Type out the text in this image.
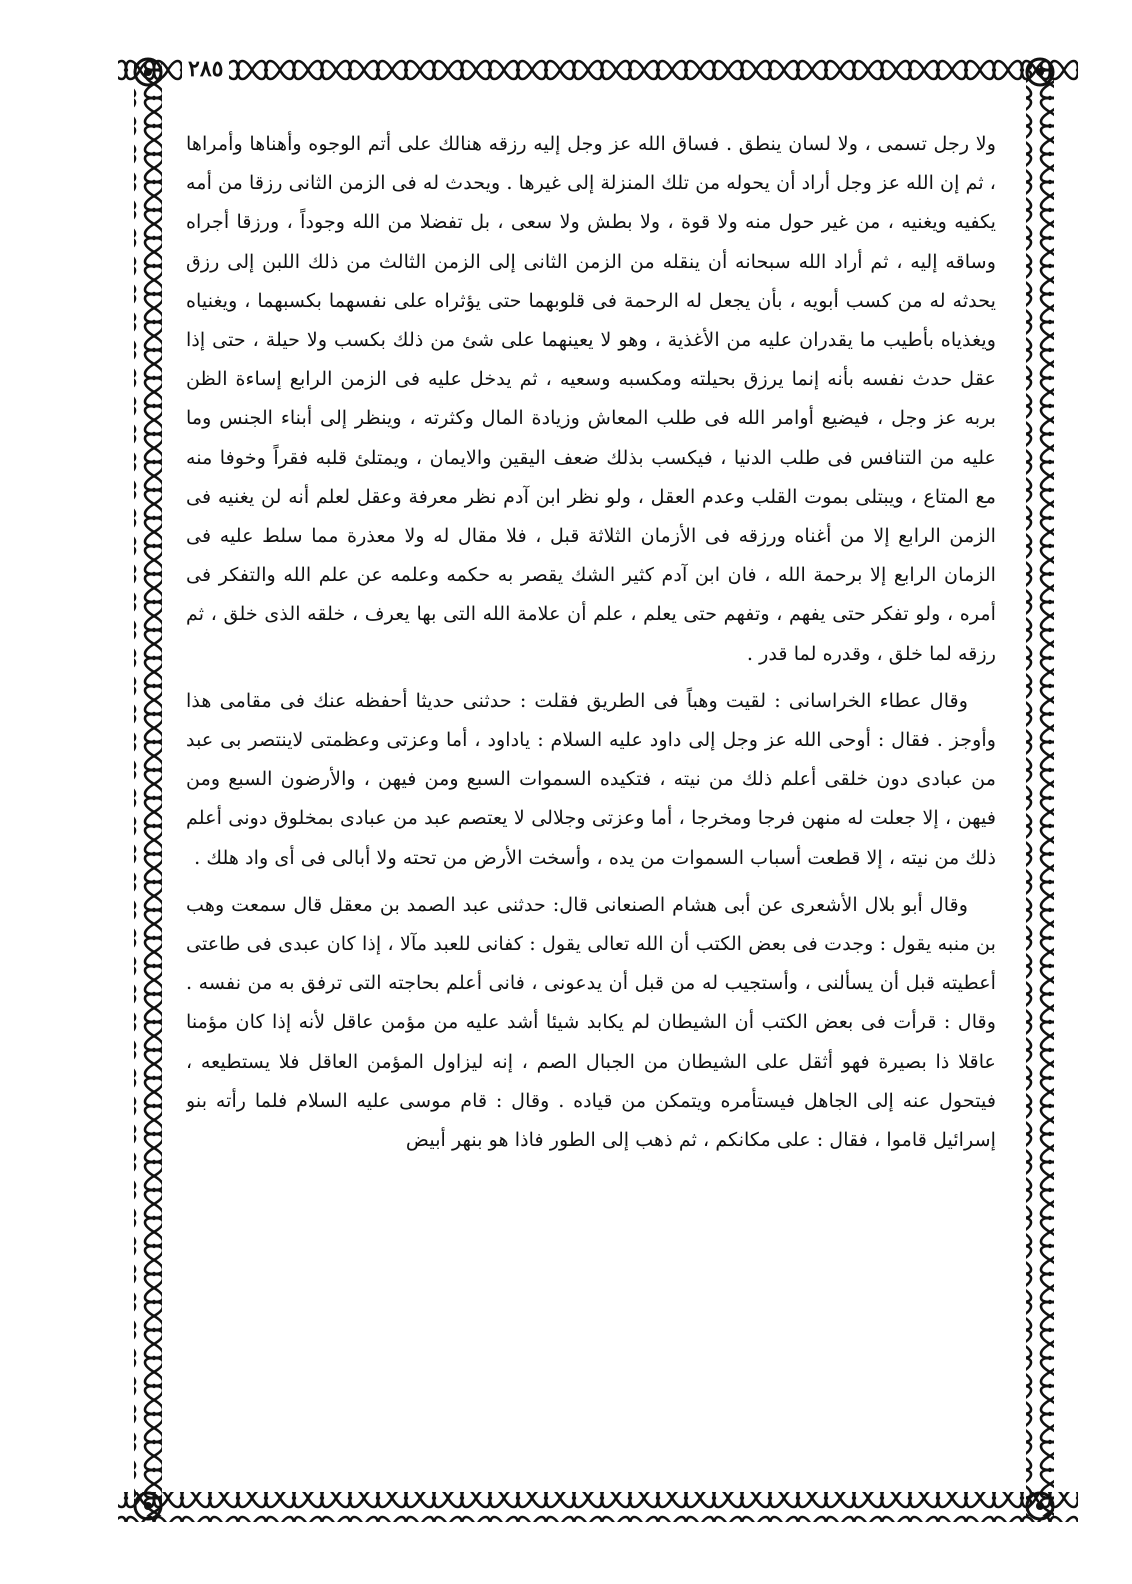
٢٨٥

ولا رجل تسمى ، ولا لسان ينطق . فساق الله عز وجل إليه رزقه هنالك على أتم الوجوه وأهناها وأمراها ، ثم إن الله عز وجل أراد أن يحوله من تلك المنزلة إلى غيرها . ويحدث له فى الزمن الثانى رزقا من أمه يكفيه ويغنيه ، من غير حول منه ولا قوة ، ولا بطش ولا سعى ، بل تفضلا من الله وجوداً ، ورزقا أجراه وساقه إليه ، ثم أراد الله سبحانه أن ينقله من الزمن الثانى إلى الزمن الثالث من ذلك اللبن إلى رزق يحدثه له من كسب أبويه ، بأن يجعل له الرحمة فى قلوبهما حتى يؤثراه على نفسهما بكسبهما ، ويغنياه ويغذياه بأطيب ما يقدران عليه من الأغذية ، وهو لا يعينهما على شئ من ذلك بكسب ولا حيلة ، حتى إذا عقل حدث نفسه بأنه إنما يرزق بحيلته ومكسبه وسعيه ، ثم يدخل عليه فى الزمن الرابع إساءة الظن بربه عز وجل ، فيضيع أوامر الله فى طلب المعاش وزيادة المال وكثرته ، وينظر إلى أبناء الجنس وما عليه من التنافس فى طلب الدنيا ، فيكسب بذلك ضعف اليقين والايمان ، ويمتلئ قلبه فقراً وخوفا منه مع المتاع ، ويبتلى بموت القلب وعدم العقل ، ولو نظر ابن آدم نظر معرفة وعقل لعلم أنه لن يغنيه فى الزمن الرابع إلا من أغناه ورزقه فى الأزمان الثلاثة قبل ، فلا مقال له ولا معذرة مما سلط عليه فى الزمان الرابع إلا برحمة الله ، فان ابن آدم كثير الشك يقصر به حكمه وعلمه عن علم الله والتفكر فى أمره ، ولو تفكر حتى يفهم ، وتفهم حتى يعلم ، علم أن علامة الله التى بها يعرف ، خلقه الذى خلق ، ثم رزقه لما خلق ، وقدره لما قدر .

وقال عطاء الخراسانى : لقيت وهباً فى الطريق فقلت : حدثنى حديثا أحفظه عنك فى مقامى هذا وأوجز . فقال : أوحى الله عز وجل إلى داود عليه السلام : ياداود ، أما وعزتى وعظمتى لاينتصر بى عبد من عبادى دون خلقى أعلم ذلك من نيته ، فتكيده السموات السبع ومن فيهن ، والأرضون السبع ومن فيهن ، إلا جعلت له منهن فرجا ومخرجا ، أما وعزتى وجلالى لا يعتصم عبد من عبادى بمخلوق دونى أعلم ذلك من نيته ، إلا قطعت أسباب السموات من يده ، وأسخت الأرض من تحته ولا أبالى فى أى واد هلك .

وقال أبو بلال الأشعرى عن أبى هشام الصنعانى قال: حدثنى عبد الصمد بن معقل قال سمعت وهب بن منبه يقول : وجدت فى بعض الكتب أن الله تعالى يقول : كفانى للعبد مآلا ، إذا كان عبدى فى طاعتى أعطيته قبل أن يسألنى ، وأستجيب له من قبل أن يدعونى ، فانى أعلم بحاجته التى ترفق به من نفسه . وقال : قرأت فى بعض الكتب أن الشيطان لم يكابد شيئا أشد عليه من مؤمن عاقل لأنه إذا كان مؤمنا عاقلا ذا بصيرة فهو أثقل على الشيطان من الجبال الصم ، إنه ليزاول المؤمن العاقل فلا يستطيعه ، فيتحول عنه إلى الجاهل فيستأمره ويتمكن من قياده . وقال : قام موسى عليه السلام فلما رأته بنو إسرائيل قاموا ، فقال : على مكانكم ، ثم ذهب إلى الطور فاذا هو بنهر أبيض
